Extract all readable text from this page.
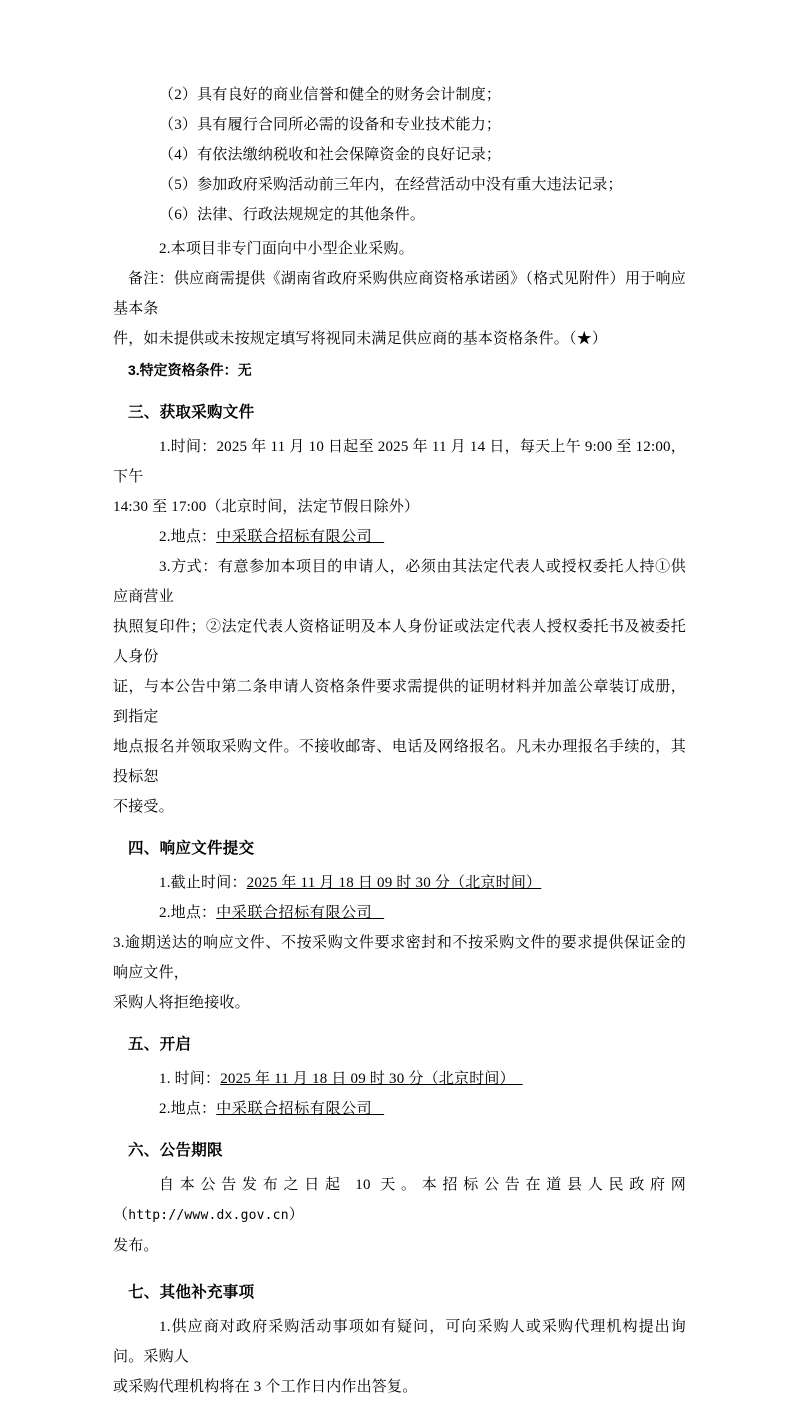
（2）具有良好的商业信誉和健全的财务会计制度；

（3）具有履行合同所必需的设备和专业技术能力；

（4）有依法缴纳税收和社会保障资金的良好记录；

（5）参加政府采购活动前三年内，在经营活动中没有重大违法记录；

（6）法律、行政法规规定的其他条件。

2.本项目非专门面向中小型企业采购。

备注：供应商需提供《湖南省政府采购供应商资格承诺函》（格式见附件）用于响应基本条

件，如未提供或未按规定填写将视同未满足供应商的基本资格条件。（★）

3.特定资格条件：无

三、获取采购文件

1.时间：2025 年 11 月 10 日起至 2025 年 11 月 14 日，每天上午 9:00 至 12:00，下午

14:30 至 17:00（北京时间，法定节假日除外）

2.地点：中采联合招标有限公司

3.方式：有意参加本项目的申请人，必须由其法定代表人或授权委托人持①供应商营业

执照复印件；②法定代表人资格证明及本人身份证或法定代表人授权委托书及被委托人身份

证，与本公告中第二条申请人资格条件要求需提供的证明材料并加盖公章装订成册，到指定

地点报名并领取采购文件。不接收邮寄、电话及网络报名。凡未办理报名手续的，其投标恕

不接受。

四、响应文件提交

1.截止时间：2025 年 11 月 18 日 09 时 30 分（北京时间）

2.地点：中采联合招标有限公司

3.逾期送达的响应文件、不按采购文件要求密封和不按采购文件的要求提供保证金的响应文件，

采购人将拒绝接收。

五、开启

1. 时间：2025 年 11 月 18 日 09 时 30 分（北京时间）

2.地点：中采联合招标有限公司

六、公告期限

自本公告发布之日起 10 天。本招标公告在道县人民政府网（http://www.dx.gov.cn）

发布。

七、其他补充事项

1.供应商对政府采购活动事项如有疑问，可向采购人或采购代理机构提出询问。采购人

或采购代理机构将在 3 个工作日内作出答复。
